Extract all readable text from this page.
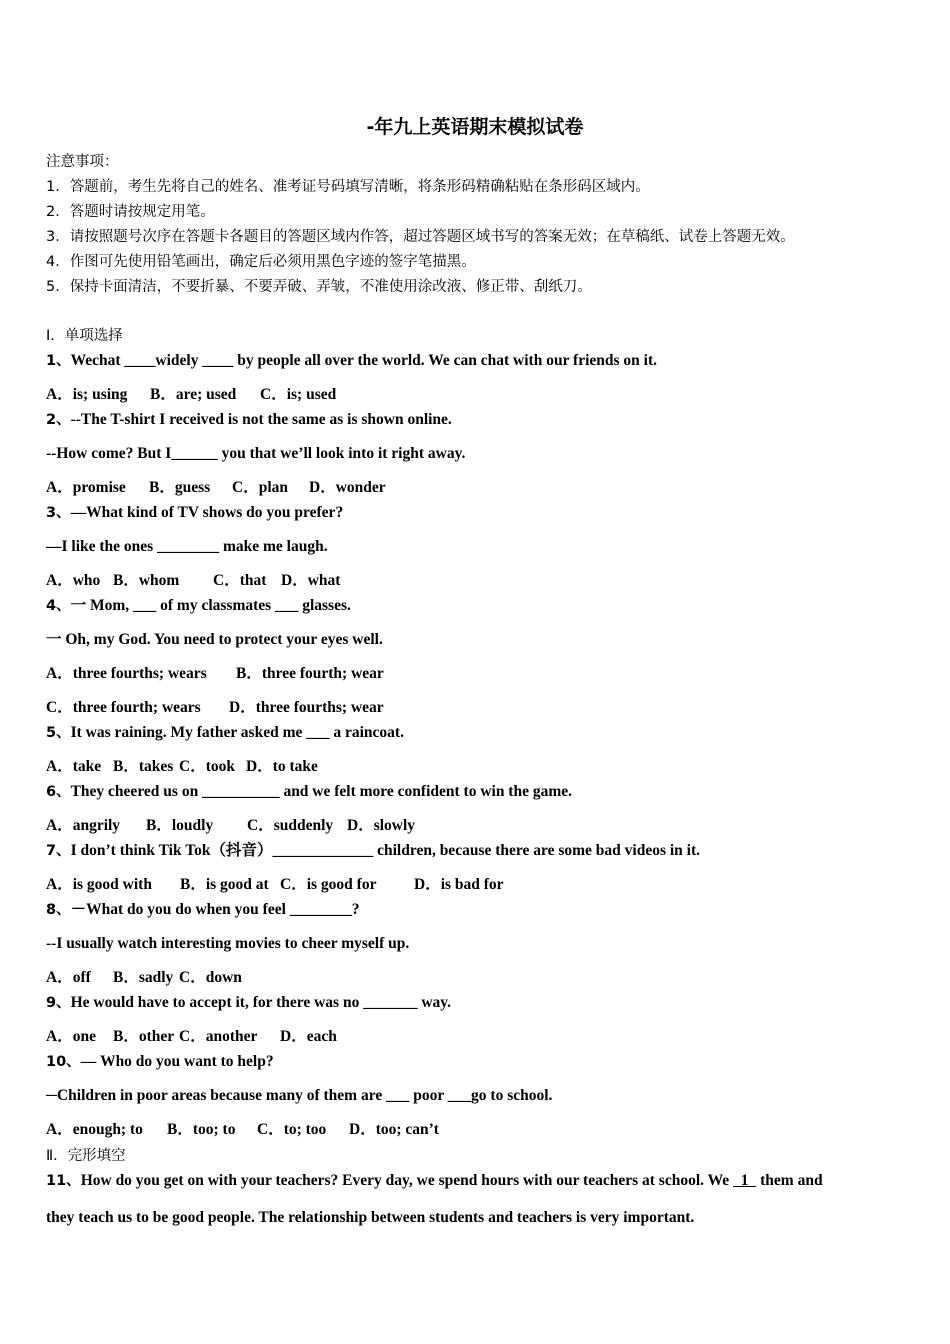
-年九上英语期末模拟试卷
注意事项：
1．答题前，考生先将自己的姓名、准考证号码填写清晰，将条形码精确粘贴在条形码区域内。
2．答题时请按规定用笔。
3．请按照题号次序在答题卡各题目的答题区域内作答，超过答题区域书写的答案无效；在草稿纸、试卷上答题无效。
4．作图可先使用铅笔画出，确定后必须用黑色字迹的签字笔描黑。
5．保持卡面清洁，不要折暴、不要弄破、弄皱，不准使用涂改液、修正带、刮纸刀。
Ⅰ．单项选择
1、Wechat ____widely ____ by people all over the world. We can chat with our friends on it.
A．is; using B．are; used C．is; used
2、--The T-shirt I received is not the same as is shown online.
--How come? But I______ you that we’ll look into it right away.
A．promise B．guess C．plan D．wonder
3、—What kind of TV shows do you prefer?
—I like the ones ________ make me laugh.
A．who B．whom C．that D．what
4、一 Mom, ___ of my classmates ___ glasses.
一 Oh, my God. You need to protect your eyes well.
A．three fourths; wears B．three fourth; wear
C．three fourth; wears D．three fourths; wear
5、It was raining. My father asked me ___ a raincoat.
A．take B．takes C．took D．to take
6、They cheered us on __________ and we felt more confident to win the game.
A．angrily B．loudly C．suddenly D．slowly
7、I don’t think Tik Tok（抖音）_____________ children, because there are some bad videos in it.
A．is good with B．is good at C．is good for D．is bad for
8、－What do you do when you feel ________?
--I usually watch interesting movies to cheer myself up.
A．off B．sadly C．down
9、He would have to accept it, for there was no _______ way.
A．one B．other C．another D．each
10、— Who do you want to help?
─Children in poor areas because many of them are ___ poor ___go to school.
A．enough; to B．too; to C．to; too D．too; can’t
Ⅱ．完形填空
11、How do you get on with your teachers? Every day, we spend hours with our teachers at school. We   1   them and
they teach us to be good people. The relationship between students and teachers is very important.
